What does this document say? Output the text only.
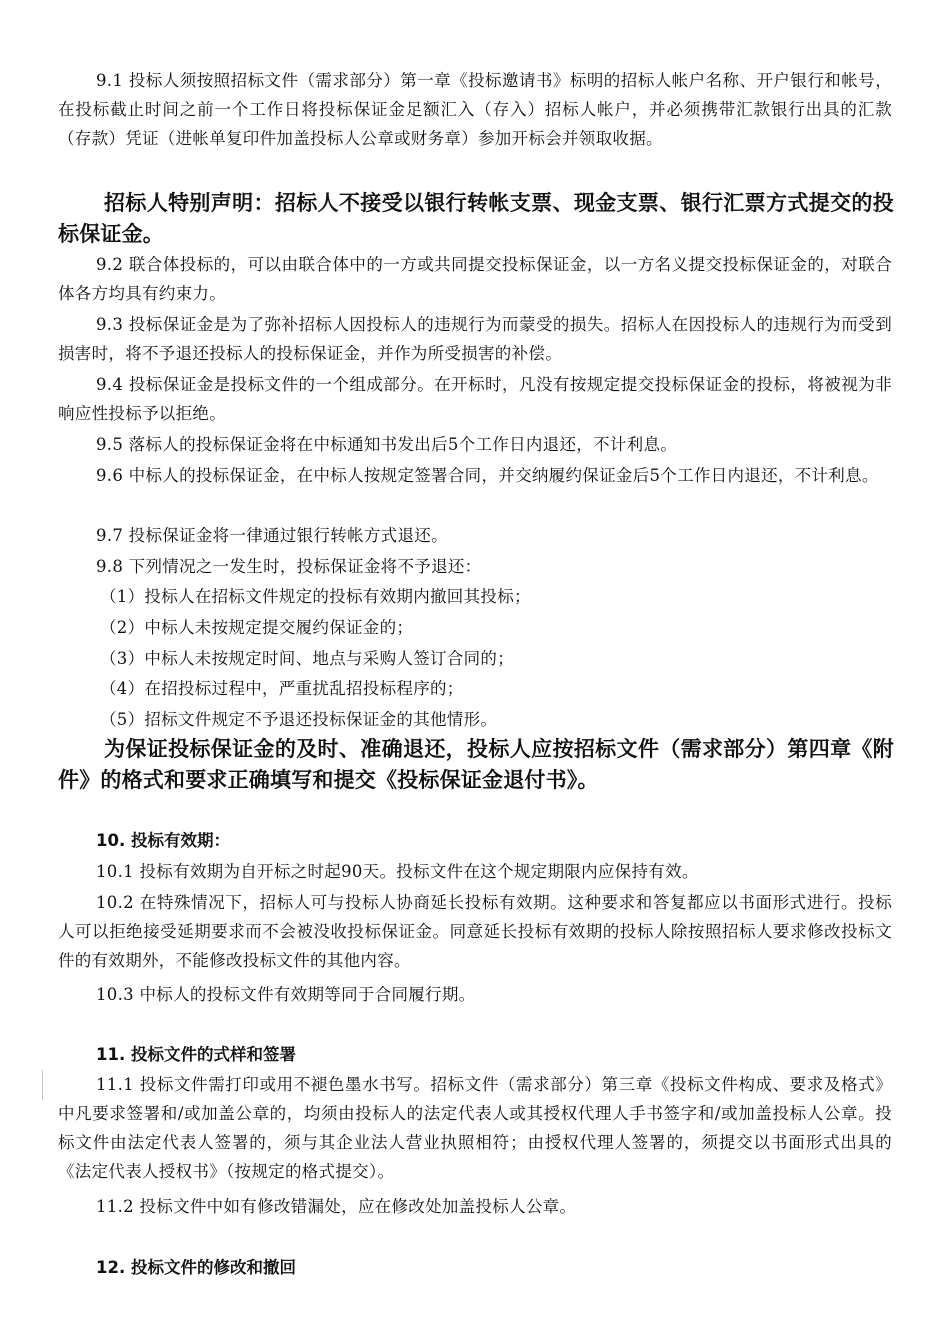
9.1 投标人须按照招标文件（需求部分）第一章《投标邀请书》标明的招标人帐户名称、开户银行和帐号，在投标截止时间之前一个工作日将投标保证金足额汇入（存入）招标人帐户，并必须携带汇款银行出具的汇款（存款）凭证（进帐单复印件加盖投标人公章或财务章）参加开标会并领取收据。

招标人特别声明：招标人不接受以银行转帐支票、现金支票、银行汇票方式提交的投标保证金。

9.2 联合体投标的，可以由联合体中的一方或共同提交投标保证金，以一方名义提交投标保证金的，对联合体各方均具有约束力。

9.3 投标保证金是为了弥补招标人因投标人的违规行为而蒙受的损失。招标人在因投标人的违规行为而受到损害时，将不予退还投标人的投标保证金，并作为所受损害的补偿。

9.4 投标保证金是投标文件的一个组成部分。在开标时，凡没有按规定提交投标保证金的投标，将被视为非响应性投标予以拒绝。

9.5 落标人的投标保证金将在中标通知书发出后5个工作日内退还，不计利息。

9.6 中标人的投标保证金，在中标人按规定签署合同，并交纳履约保证金后5个工作日内退还，不计利息。

9.7 投标保证金将一律通过银行转帐方式退还。

9.8 下列情况之一发生时，投标保证金将不予退还：

（1）投标人在招标文件规定的投标有效期内撤回其投标；

（2）中标人未按规定提交履约保证金的；

（3）中标人未按规定时间、地点与采购人签订合同的；

（4）在招投标过程中，严重扰乱招投标程序的；

（5）招标文件规定不予退还投标保证金的其他情形。

为保证投标保证金的及时、准确退还，投标人应按招标文件（需求部分）第四章《附件》的格式和要求正确填写和提交《投标保证金退付书》。

10. 投标有效期：

10.1 投标有效期为自开标之时起90天。投标文件在这个规定期限内应保持有效。

10.2 在特殊情况下，招标人可与投标人协商延长投标有效期。这种要求和答复都应以书面形式进行。投标人可以拒绝接受延期要求而不会被没收投标保证金。同意延长投标有效期的投标人除按照招标人要求修改投标文件的有效期外，不能修改投标文件的其他内容。

10.3 中标人的投标文件有效期等同于合同履行期。

11. 投标文件的式样和签署

11.1 投标文件需打印或用不褪色墨水书写。招标文件（需求部分）第三章《投标文件构成、要求及格式》中凡要求签署和/或加盖公章的，均须由投标人的法定代表人或其授权代理人手书签字和/或加盖投标人公章。投标文件由法定代表人签署的，须与其企业法人营业执照相符；由授权代理人签署的，须提交以书面形式出具的《法定代表人授权书》（按规定的格式提交）。

11.2 投标文件中如有修改错漏处，应在修改处加盖投标人公章。

12. 投标文件的修改和撤回
